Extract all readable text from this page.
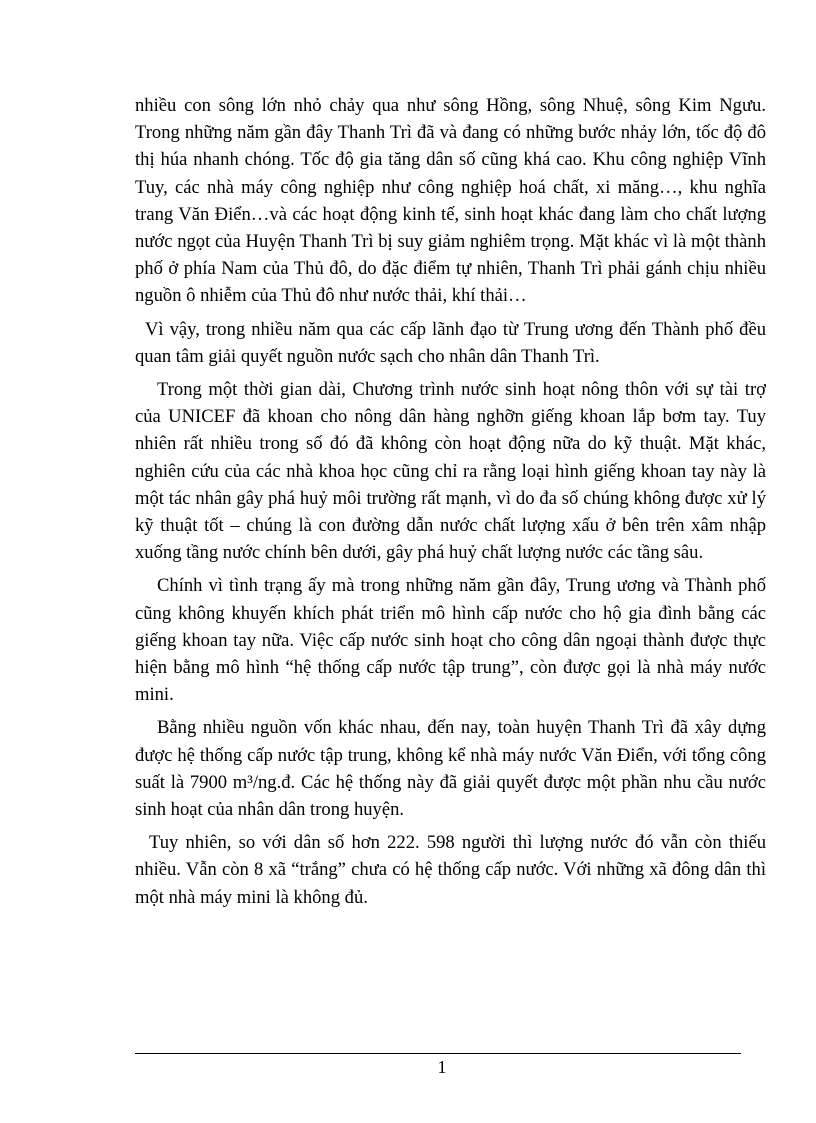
nhiều con sông lớn nhỏ chảy qua như sông Hồng, sông Nhuệ, sông Kim Ngưu. Trong những năm gần đây Thanh Trì đã và đang có những bước nhảy lớn, tốc độ đô thị húa nhanh chóng. Tốc độ gia tăng dân số cũng khá cao. Khu công nghiệp Vĩnh Tuy, các nhà máy công nghiệp như công nghiệp hoá chất, xi măng…, khu nghĩa trang Văn Điển…và các hoạt động kinh tế, sinh hoạt khác đang làm cho chất lượng nước ngọt của Huyện Thanh Trì bị suy giảm nghiêm trọng. Mặt khác vì là một thành phố ở phía Nam của Thủ đô, do đặc điểm tự nhiên, Thanh Trì phải gánh chịu nhiều nguồn ô nhiễm của Thủ đô như nước thải, khí thải…

Vì vậy, trong nhiều năm qua các cấp lãnh đạo từ Trung ương đến Thành phố đều quan tâm giải quyết nguồn nước sạch cho nhân dân Thanh Trì.

Trong một thời gian dài, Chương trình nước sinh hoạt nông thôn với sự tài trợ của UNICEF đã khoan cho nông dân hàng nghỡn giếng khoan lắp bơm tay. Tuy nhiên rất nhiều trong số đó đã không còn hoạt động nữa do kỹ thuật. Mặt khác, nghiên cứu của các nhà khoa học cũng chỉ ra rằng loại hình giếng khoan tay này là một tác nhân gây phá huỷ môi trường rất mạnh, vì do đa số chúng không được xử lý kỹ thuật tốt – chúng là con đường dẫn nước chất lượng xấu ở bên trên xâm nhập xuống tầng nước chính bên dưới, gây phá huỷ chất lượng nước các tầng sâu.

Chính vì tình trạng ấy mà trong những năm gần đây, Trung ương và Thành phố cũng không khuyến khích phát triển mô hình cấp nước cho hộ gia đình bằng các giếng khoan tay nữa. Việc cấp nước sinh hoạt cho công dân ngoại thành được thực hiện bằng mô hình “hệ thống cấp nước tập trung”, còn được gọi là nhà máy nước mini.

Bằng nhiều nguồn vốn khác nhau, đến nay, toàn huyện Thanh Trì đã xây dựng được hệ thống cấp nước tập trung, không kể nhà máy nước Văn Điển, với tổng công suất là 7900 m³/ng.đ. Các hệ thống này đã giải quyết được một phần nhu cầu nước sinh hoạt của nhân dân trong huyện.

Tuy nhiên, so với dân số hơn 222. 598 người thì lượng nước đó vẫn còn thiếu nhiều. Vẫn còn 8 xã “trắng” chưa có hệ thống cấp nước. Với những xã đông dân thì một nhà máy mini là không đủ.

1
